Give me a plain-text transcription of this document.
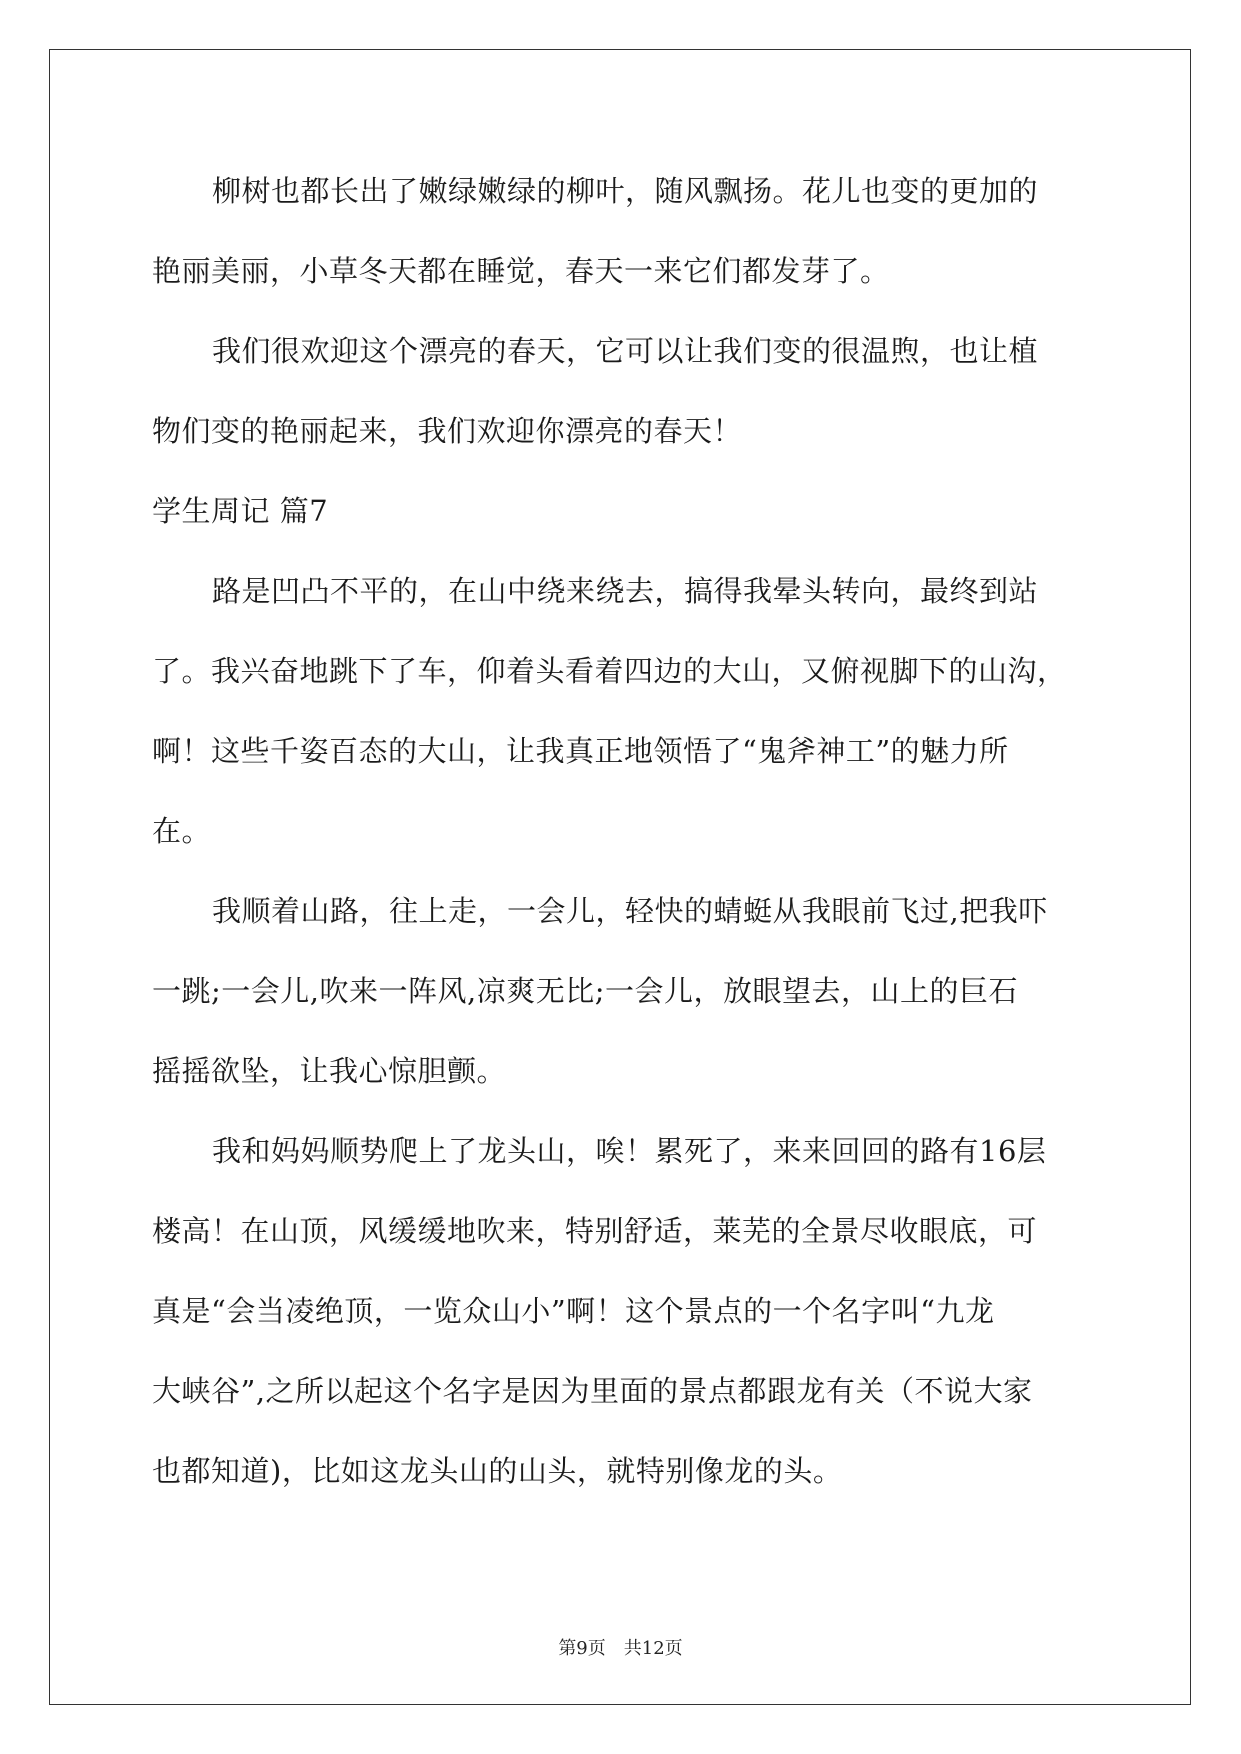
柳树也都长出了嫩绿嫩绿的柳叶，随风飘扬。花儿也变的更加的
艳丽美丽，小草冬天都在睡觉，春天一来它们都发芽了。

我们很欢迎这个漂亮的春天，它可以让我们变的很温煦，也让植
物们变的艳丽起来，我们欢迎你漂亮的春天！

学生周记 篇7

路是凹凸不平的，在山中绕来绕去，搞得我晕头转向，最终到站
了。我兴奋地跳下了车，仰着头看着四边的大山，又俯视脚下的山沟，
啊！这些千姿百态的大山，让我真正地领悟了“鬼斧神工”的魅力所
在。

我顺着山路，往上走，一会儿，轻快的蜻蜓从我眼前飞过,把我吓
一跳;一会儿,吹来一阵风,凉爽无比;一会儿，放眼望去，山上的巨石
摇摇欲坠，让我心惊胆颤。

我和妈妈顺势爬上了龙头山，唉！累死了，来来回回的路有16层
楼高！在山顶，风缓缓地吹来，特别舒适，莱芜的全景尽收眼底，可
真是“会当凌绝顶，一览众山小”啊！这个景点的一个名字叫“九龙
大峡谷”,之所以起这个名字是因为里面的景点都跟龙有关（不说大家
也都知道)，比如这龙头山的山头，就特别像龙的头。

第9页 共12页
